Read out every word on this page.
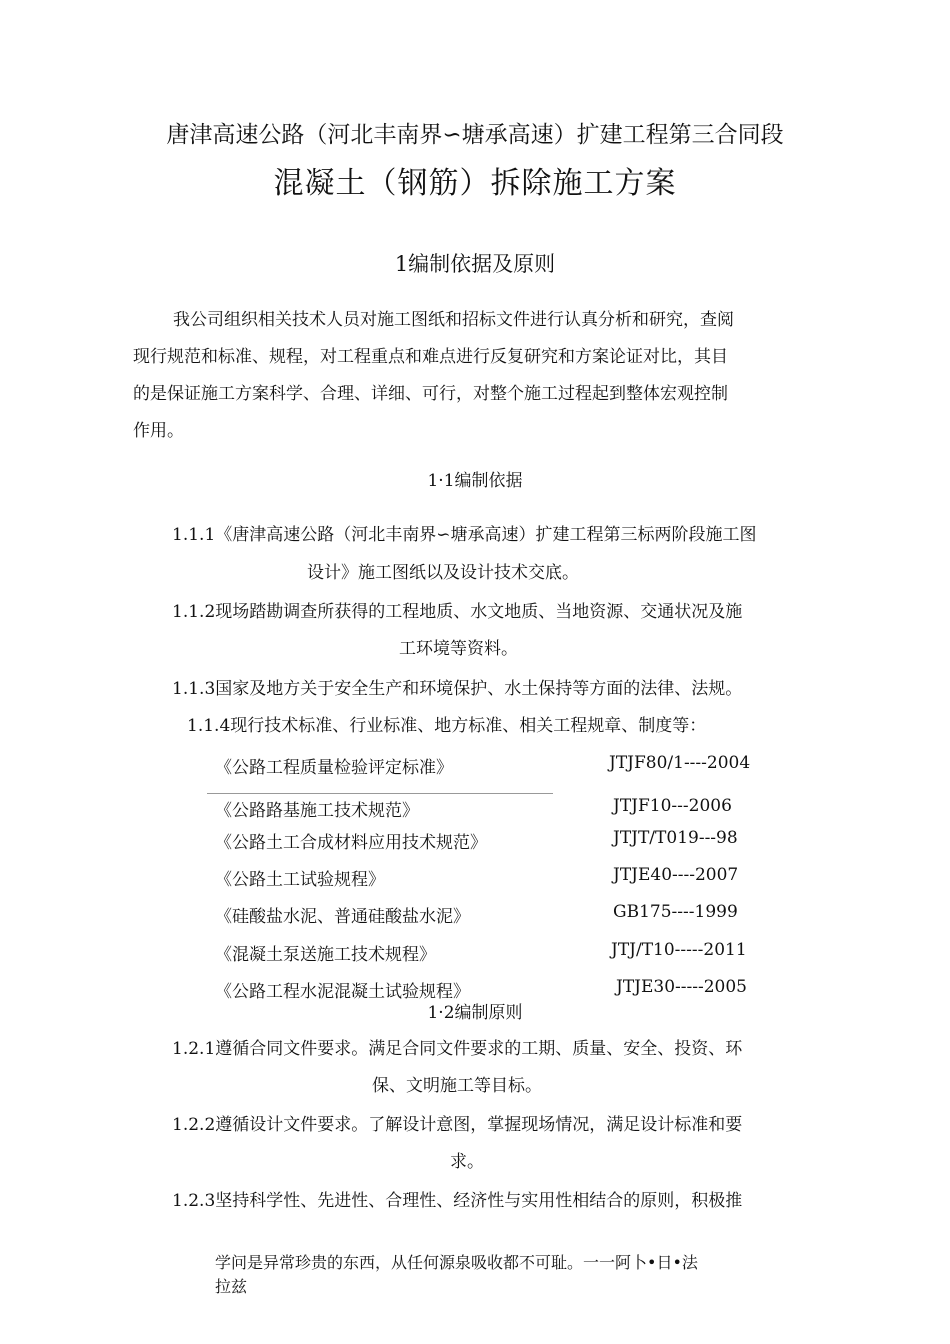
唐津高速公路（河北丰南界∽塘承高速）扩建工程第三合同段
混凝土（钢筋）拆除施工方案
1编制依据及原则
我公司组织相关技术人员对施工图纸和招标文件进行认真分析和研究，查阅
现行规范和标准、规程，对工程重点和难点进行反复研究和方案论证对比，其目
的是保证施工方案科学、合理、详细、可行，对整个施工过程起到整体宏观控制
作用。
1·1编制依据
1.1.1《唐津高速公路（河北丰南界∽塘承高速）扩建工程第三标两阶段施工图
设计》施工图纸以及设计技术交底。
1.1.2现场踏勘调查所获得的工程地质、水文地质、当地资源、交通状况及施
工环境等资料。
1.1.3国家及地方关于安全生产和环境保护、水土保持等方面的法律、法规。
1.1.4现行技术标准、行业标准、地方标准、相关工程规章、制度等：
《公路工程质量检验评定标准》	JTJF80/1----2004
《公路路基施工技术规范》	JTJF10---2006
《公路土工合成材料应用技术规范》	JTJT/T019---98
《公路土工试验规程》	JTJE40----2007
《硅酸盐水泥、普通硅酸盐水泥》	GB175----1999
《混凝土泵送施工技术规程》	JTJ/T10-----2011
《公路工程水泥混凝土试验规程》	JTJE30-----2005
1·2编制原则
1.2.1遵循合同文件要求。满足合同文件要求的工期、质量、安全、投资、环
保、文明施工等目标。
1.2.2遵循设计文件要求。了解设计意图，掌握现场情况，满足设计标准和要
求。
1.2.3坚持科学性、先进性、合理性、经济性与实用性相结合的原则，积极推
学问是异常珍贵的东西，从任何源泉吸收都不可耻。一一阿卜•日•法
拉兹
